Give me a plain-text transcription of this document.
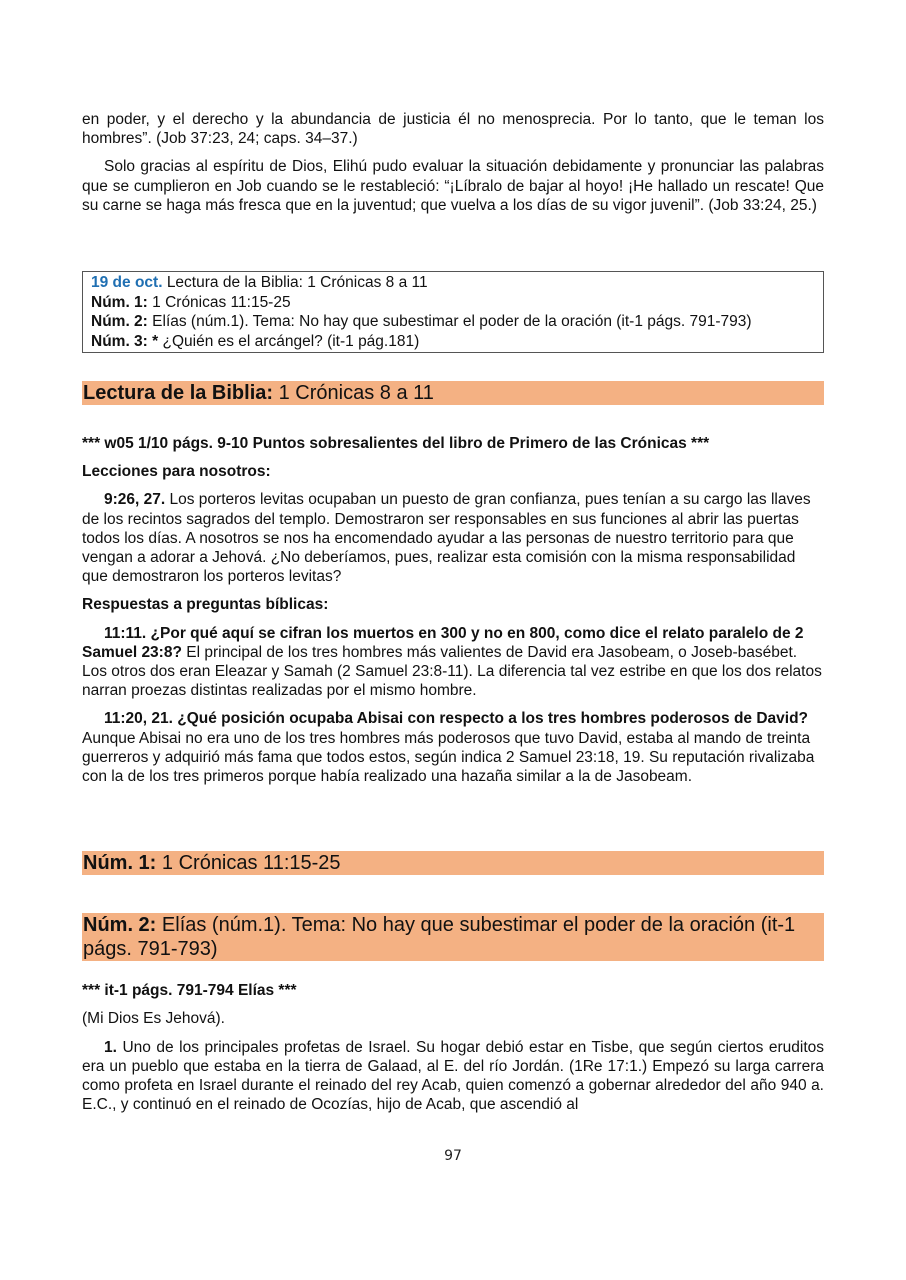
en poder, y el derecho y la abundancia de justicia él no menosprecia. Por lo tanto, que le teman los hombres”. (Job 37:23, 24; caps. 34–37.)

Solo gracias al espíritu de Dios, Elihú pudo evaluar la situación debidamente y pronunciar las palabras que se cumplieron en Job cuando se le restableció: “¡Líbralo de bajar al hoyo! ¡He hallado un rescate! Que su carne se haga más fresca que en la juventud; que vuelva a los días de su vigor juvenil”. (Job 33:24, 25.)

19 de oct. Lectura de la Biblia: 1 Crónicas 8 a 11

Núm. 1: 1 Crónicas 11:15-25

Núm. 2: Elías (núm.1). Tema: No hay que subestimar el poder de la oración (it-1 págs. 791-793)

Núm. 3: * ¿Quién es el arcángel? (it-1 pág.181)

Lectura de la Biblia: 1 Crónicas 8 a 11

*** w05 1/10 págs. 9-10 Puntos sobresalientes del libro de Primero de las Crónicas ***

Lecciones para nosotros:

9:26, 27. Los porteros levitas ocupaban un puesto de gran confianza, pues tenían a su cargo las llaves de los recintos sagrados del templo. Demostraron ser responsables en sus funciones al abrir las puertas todos los días. A nosotros se nos ha encomendado ayudar a las personas de nuestro territorio para que vengan a adorar a Jehová. ¿No deberíamos, pues, realizar esta comisión con la misma responsabilidad que demostraron los porteros levitas?

Respuestas a preguntas bíblicas:

11:11. ¿Por qué aquí se cifran los muertos en 300 y no en 800, como dice el relato paralelo de 2 Samuel 23:8? El principal de los tres hombres más valientes de David era Jasobeam, o Joseb-basébet. Los otros dos eran Eleazar y Samah (2 Samuel 23:8-11). La diferencia tal vez estribe en que los dos relatos narran proezas distintas realizadas por el mismo hombre.

11:20, 21. ¿Qué posición ocupaba Abisai con respecto a los tres hombres poderosos de David? Aunque Abisai no era uno de los tres hombres más poderosos que tuvo David, estaba al mando de treinta guerreros y adquirió más fama que todos estos, según indica 2 Samuel 23:18, 19. Su reputación rivalizaba con la de los tres primeros porque había realizado una hazaña similar a la de Jasobeam.

Núm. 1: 1 Crónicas 11:15-25
Núm. 2: Elías (núm.1). Tema: No hay que subestimar el poder de la oración (it-1 págs. 791-793)

*** it-1 págs. 791-794 Elías ***

(Mi Dios Es Jehová).

1. Uno de los principales profetas de Israel. Su hogar debió estar en Tisbe, que según ciertos eruditos era un pueblo que estaba en la tierra de Galaad, al E. del río Jordán. (1Re 17:1.) Empezó su larga carrera como profeta en Israel durante el reinado del rey Acab, quien comenzó a gobernar alrededor del año 940 a. E.C., y continuó en el reinado de Ocozías, hijo de Acab, que ascendió al

97
